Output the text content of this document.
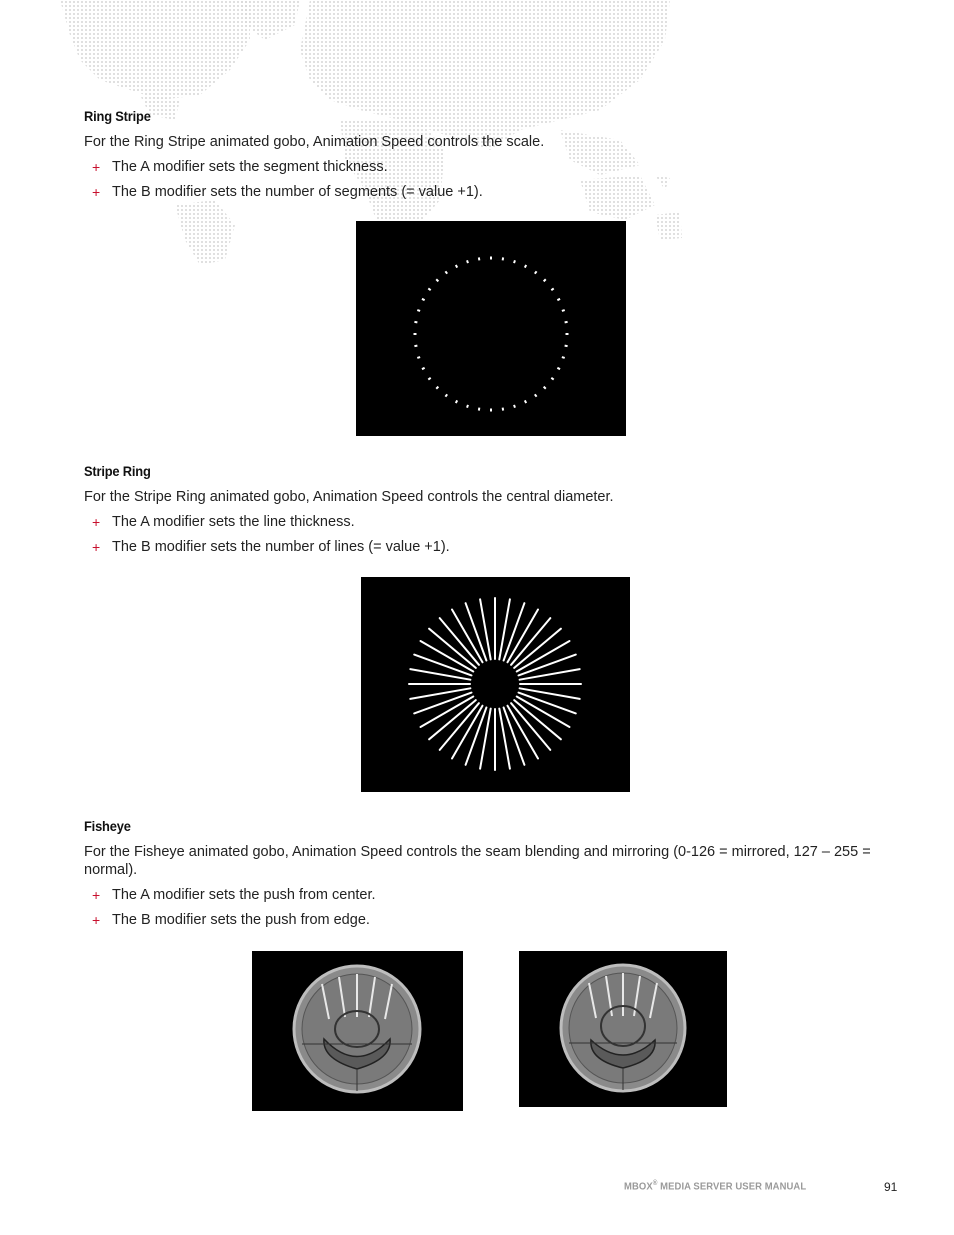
Ring Stripe

For the Ring Stripe animated gobo, Animation Speed controls the scale.

+ The A modifier sets the segment thickness.
+ The B modifier sets the number of segments (= value +1).
Stripe Ring

For the Stripe Ring animated gobo, Animation Speed controls the central diameter.

+ The A modifier sets the line thickness.
+ The B modifier sets the number of lines (= value +1).
Fisheye

For the Fisheye animated gobo, Animation Speed controls the seam blending and mirroring (0-126 = mirrored, 127 – 255 = normal).

+ The A modifier sets the push from center.
+ The B modifier sets the push from edge.
MBOX® MEDIA SERVER USER MANUAL	91
